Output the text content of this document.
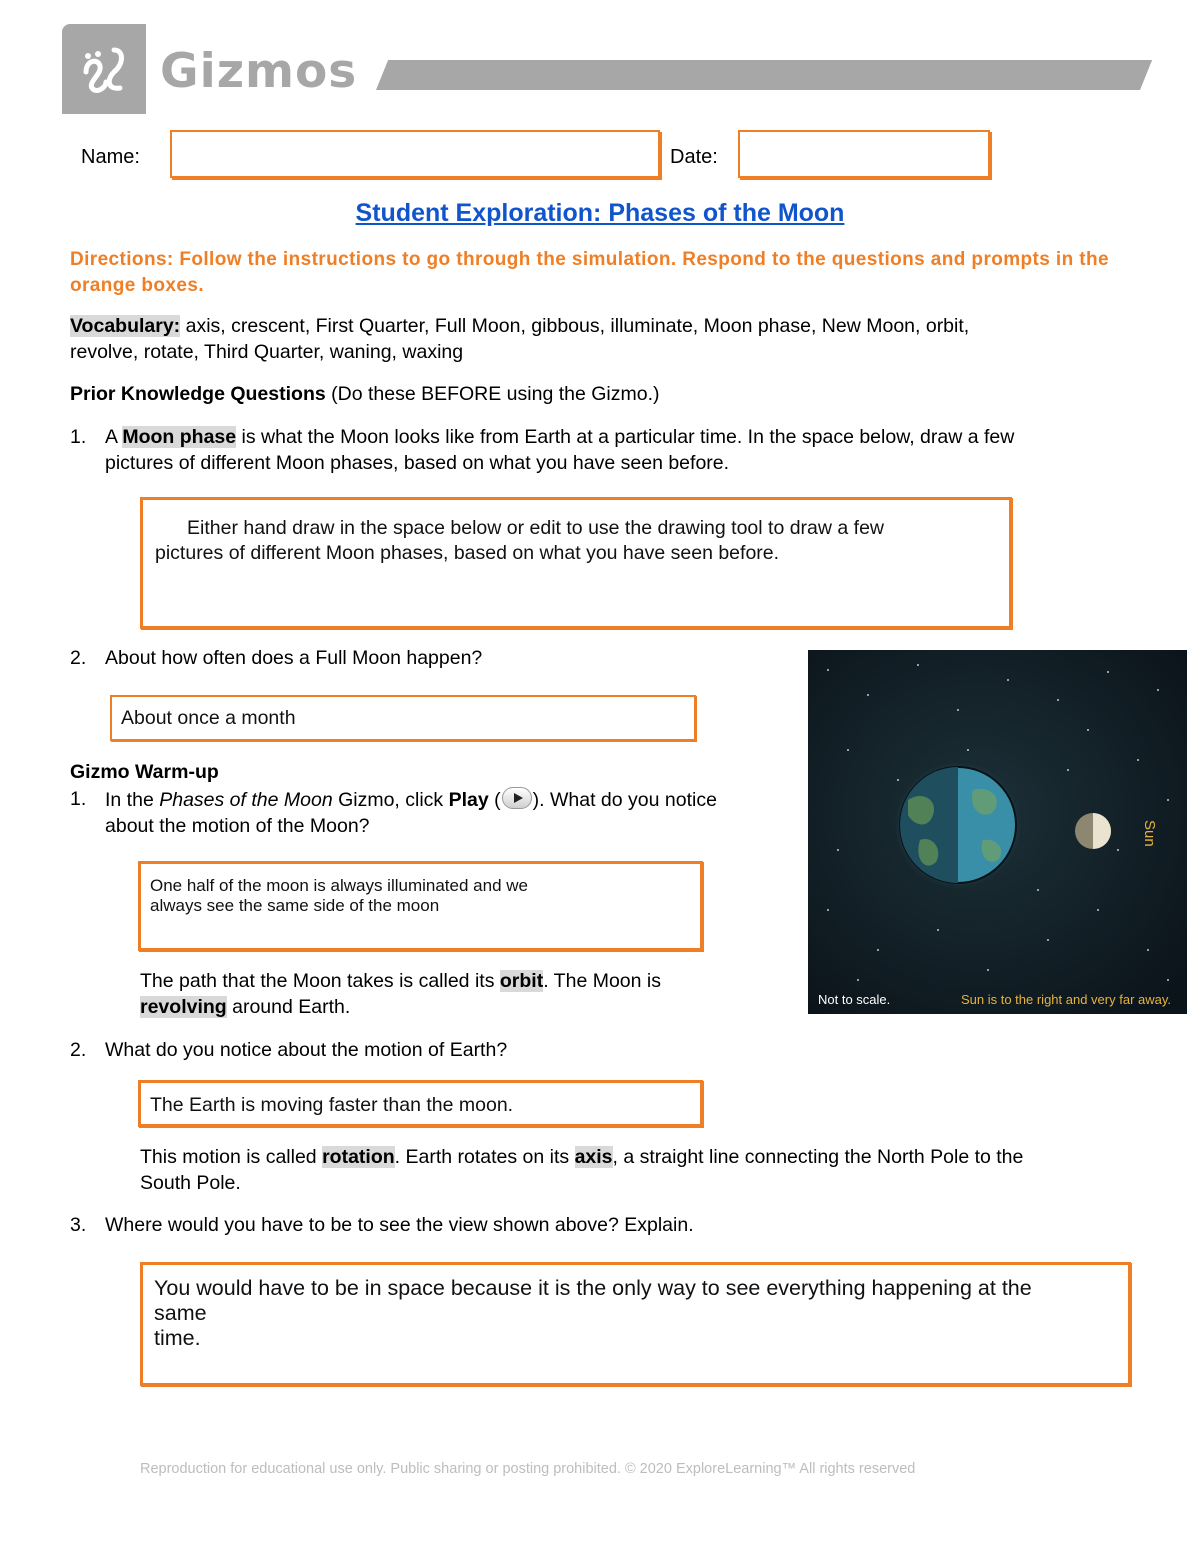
Gizmos
Name:	Date:
Student Exploration: Phases of the Moon
Directions: Follow the instructions to go through the simulation. Respond to the questions and prompts in the orange boxes.
Vocabulary: axis, crescent, First Quarter, Full Moon, gibbous, illuminate, Moon phase, New Moon, orbit,
revolve, rotate, Third Quarter, waning, waxing
Prior Knowledge Questions (Do these BEFORE using the Gizmo.)
1. A Moon phase is what the Moon looks like from Earth at a particular time. In the space below, draw a few
pictures of different Moon phases, based on what you have seen before.
Either hand draw in the space below or edit to use the drawing tool to draw a few
pictures of different Moon phases, based on what you have seen before.
2. About how often does a Full Moon happen?
About once a month
Gizmo Warm-up
1. In the Phases of the Moon Gizmo, click Play ( ). What do you notice
about the motion of the Moon?
One half of the moon is always illuminated and we
always see the same side of the moon
The path that the Moon takes is called its orbit. The Moon is
revolving around Earth.
Sun
Not to scale.	Sun is to the right and very far away.
2. What do you notice about the motion of Earth?
The Earth is moving faster than the moon.
This motion is called rotation. Earth rotates on its axis, a straight line connecting the North Pole to the
South Pole.
3. Where would you have to be to see the view shown above? Explain.
You would have to be in space because it is the only way to see everything happening at the
same
time.
Reproduction for educational use only. Public sharing or posting prohibited. © 2020 ExploreLearning™ All rights reserved
